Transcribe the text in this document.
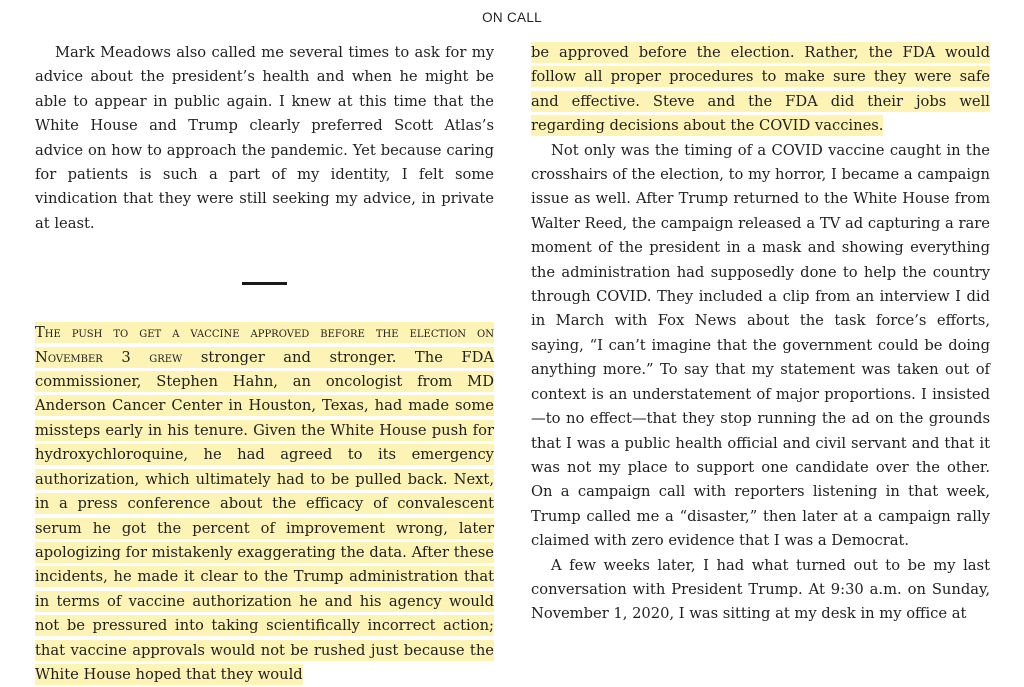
ON CALL

Mark Meadows also called me several times to ask for my advice about the president’s health and when he might be able to appear in public again. I knew at this time that the White House and Trump clearly preferred Scott Atlas’s advice on how to approach the pandemic. Yet because caring for patients is such a part of my identity, I felt some vindication that they were still seeking my advice, in private at least.

The push to get a vaccine approved before the election on November 3 grew stronger and stronger. The FDA commissioner, Stephen Hahn, an oncologist from MD Anderson Cancer Center in Houston, Texas, had made some missteps early in his tenure. Given the White House push for hydroxychloroquine, he had agreed to its emergency authorization, which ultimately had to be pulled back. Next, in a press conference about the efficacy of convalescent serum he got the percent of improvement wrong, later apologizing for mistakenly exaggerating the data. After these incidents, he made it clear to the Trump administration that in terms of vaccine authorization he and his agency would not be pressured into taking scientifically incorrect action; that vaccine approvals would not be rushed just because the White House hoped that they would

be approved before the election. Rather, the FDA would follow all proper procedures to make sure they were safe and effective. Steve and the FDA did their jobs well regarding decisions about the COVID vaccines.

Not only was the timing of a COVID vaccine caught in the crosshairs of the election, to my horror, I became a campaign issue as well. After Trump returned to the White House from Walter Reed, the campaign released a TV ad capturing a rare moment of the president in a mask and showing everything the administration had supposedly done to help the country through COVID. They included a clip from an interview I did in March with Fox News about the task force’s efforts, saying, “I can’t imagine that the government could be doing anything more.” To say that my statement was taken out of context is an understatement of major proportions. I insisted—to no effect—that they stop running the ad on the grounds that I was a public health official and civil servant and that it was not my place to support one candidate over the other. On a campaign call with reporters listening in that week, Trump called me a “disaster,” then later at a campaign rally claimed with zero evidence that I was a Democrat.

A few weeks later, I had what turned out to be my last conversation with President Trump. At 9:30 a.m. on Sunday, November 1, 2020, I was sitting at my desk in my office at
